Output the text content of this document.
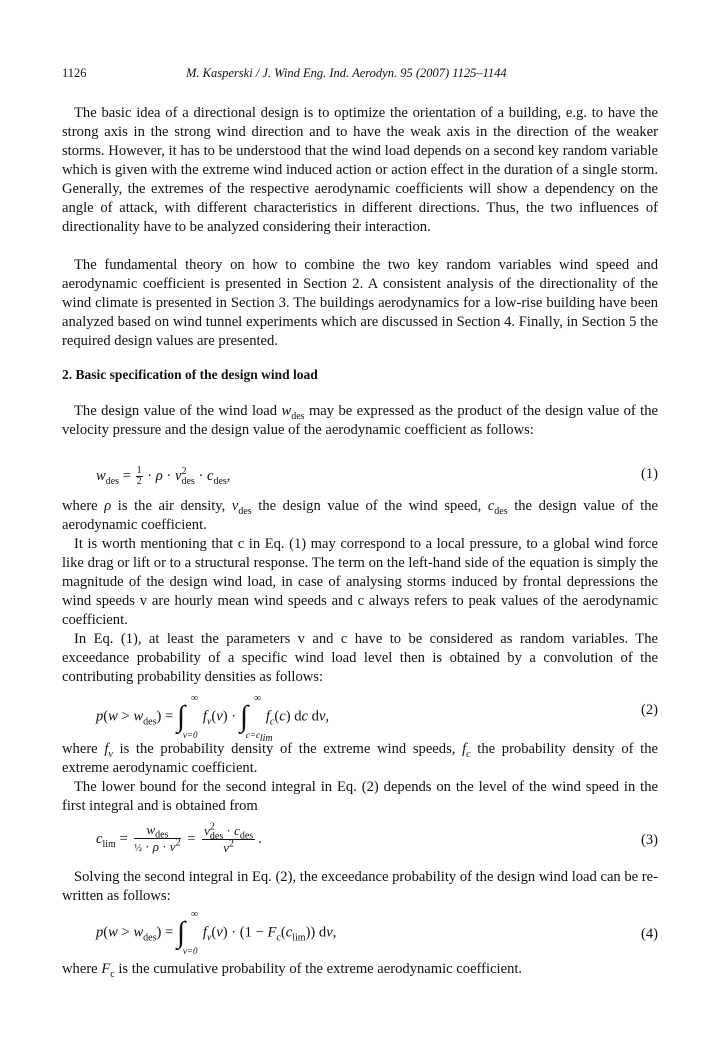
1126	M. Kasperski / J. Wind Eng. Ind. Aerodyn. 95 (2007) 1125–1144

The basic idea of a directional design is to optimize the orientation of a building, e.g. to have the strong axis in the strong wind direction and to have the weak axis in the direction of the weaker storms. However, it has to be understood that the wind load depends on a second key random variable which is given with the extreme wind induced action or action effect in the duration of a single storm. Generally, the extremes of the respective aerodynamic coefficients will show a dependency on the angle of attack, with different characteristics in different directions. Thus, the two influences of directionality have to be analyzed considering their interaction.

The fundamental theory on how to combine the two key random variables wind speed and aerodynamic coefficient is presented in Section 2. A consistent analysis of the directionality of the wind climate is presented in Section 3. The buildings aerodynamics for a low-rise building have been analyzed based on wind tunnel experiments which are discussed in Section 4. Finally, in Section 5 the required design values are presented.

2. Basic specification of the design wind load

The design value of the wind load $w_{des}$ may be expressed as the product of the design value of the velocity pressure and the design value of the aerodynamic coefficient as follows:

$w_{des} = \frac{1}{2} \cdot \rho \cdot v^2_{des} \cdot c_{des}$,	(1)

where ρ is the air density, $v_{des}$ the design value of the wind speed, $c_{des}$ the design value of the aerodynamic coefficient.

It is worth mentioning that c in Eq. (1) may correspond to a local pressure, to a global wind force like drag or lift or to a structural response. The term on the left-hand side of the equation is simply the magnitude of the design wind load, in case of analysing storms induced by frontal depressions the wind speeds v are hourly mean wind speeds and c always refers to peak values of the aerodynamic coefficient.

In Eq. (1), at least the parameters v and c have to be considered as random variables. The exceedance probability of a specific wind load level then is obtained by a convolution of the contributing probability densities as follows:

$p(w > w_{des})$ = ∫
∞
v=0
$f_v(v)$ · ∫
∞
$c=c_{lim}$
$f_c(c)$ dc dv,	(2)

where $f_v$ is the probability density of the extreme wind speeds, $f_c$ the probability density of the extreme aerodynamic coefficient.

The lower bound for the second integral in Eq. (2) depends on the level of the wind speed in the first integral and is obtained from

$c_{lim} = \frac{w_{des}}{\frac{1}{2} \cdot \rho \cdot v^2} = \frac{v^2_{des} \cdot c_{des}}{v^2}$ .	(3)

Solving the second integral in Eq. (2), the exceedance probability of the design wind load can be re-written as follows:

$p(w > w_{des})$ = ∫
∞
v=0
$f_v(v) \cdot (1 - F_c(c_{lim}))$ dv,	(4)

where $F_c$ is the cumulative probability of the extreme aerodynamic coefficient.
